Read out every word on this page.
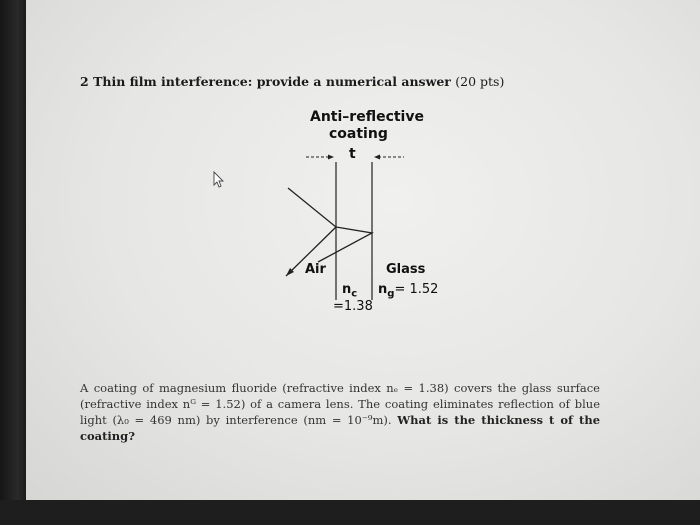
2 Thin film interference: provide a numerical answer (20 pts)
Anti–reflective
coating
t
Air	Glass
$n_c$
=1.38
$n_g= 1.52$
A coating of magnesium fluoride (refractive index nₑ = 1.38) covers the glass surface (refractive index nᴳ = 1.52) of a camera lens. The coating eliminates reflection of blue light (λ₀ = 469 nm) by interference (nm = 10⁻⁹m). What is the thickness t of the coating?
